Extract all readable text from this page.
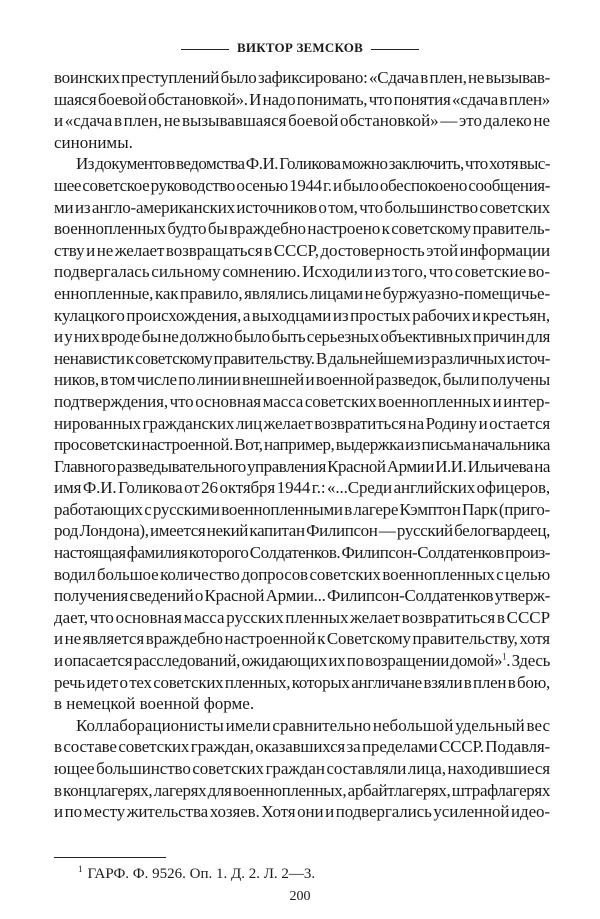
ВИКТОР ЗЕМСКОВ
воинских преступлений было зафиксировано: «Сдача в плен, не вызывав-
шаяся боевой обстановкой». И надо понимать, что понятия «сдача в плен»
и «сдача в плен, не вызывавшаяся боевой обстановкой» — это далеко не
синонимы.
Из документов ведомства Ф.И. Голикова можно заключить, что хотя выс-
шее советское руководство осенью 1944 г. и было обеспокоено сообщения-
ми из англо-американских источников о том, что большинство советских
военнопленных будто бы враждебно настроено к советскому правитель-
ству и не желает возвращаться в СССР, достоверность этой информации
подвергалась сильному сомнению. Исходили из того, что советские во-
еннопленные, как правило, являлись лицами не буржуазно-помещичье-
кулацкого происхождения, а выходцами из простых рабочих и крестьян,
и у них вроде бы не должно было быть серьезных объективных причин для
ненависти к советскому правительству. В дальнейшем из различных источ-
ников, в том числе по линии внешней и военной разведок, были получены
подтверждения, что основная масса советских военнопленных и интер-
нированных гражданских лиц желает возвратиться на Родину и остается
просоветски настроенной. Вот, например, выдержка из письма начальника
Главного разведывательного управления Красной Армии И.И. Ильичева на
имя Ф.И. Голикова от 26 октября 1944 г.: «...Среди английских офицеров,
работающих с русскими военнопленными в лагере Кэмптон Парк (приго-
род Лондона), имеется некий капитан Филипсон — русский белогвардеец,
настоящая фамилия которого Солдатенков. Филипсон-Солдатенков произ-
водил большое количество допросов советских военнопленных с целью
получения сведений о Красной Армии... Филипсон-Солдатенков утверж-
дает, что основная масса русских пленных желает возвратиться в СССР
и не является враждебно настроенной к Советскому правительству, хотя
и опасается расследований, ожидающих их по возращении домой»$^1$. Здесь
речь идет о тех советских пленных, которых англичане взяли в плен в бою,
в немецкой военной форме.
Коллаборационисты имели сравнительно небольшой удельный вес
в составе советских граждан, оказавшихся за пределами СССР. Подавля-
ющее большинство советских граждан составляли лица, находившиеся
в концлагерях, лагерях для военнопленных, арбайтлагерях, штрафлагерях
и по месту жительства хозяев. Хотя они и подвергались усиленной идео-
$^1$ ГАРФ. Ф. 9526. Оп. 1. Д. 2. Л. 2—3.
200
